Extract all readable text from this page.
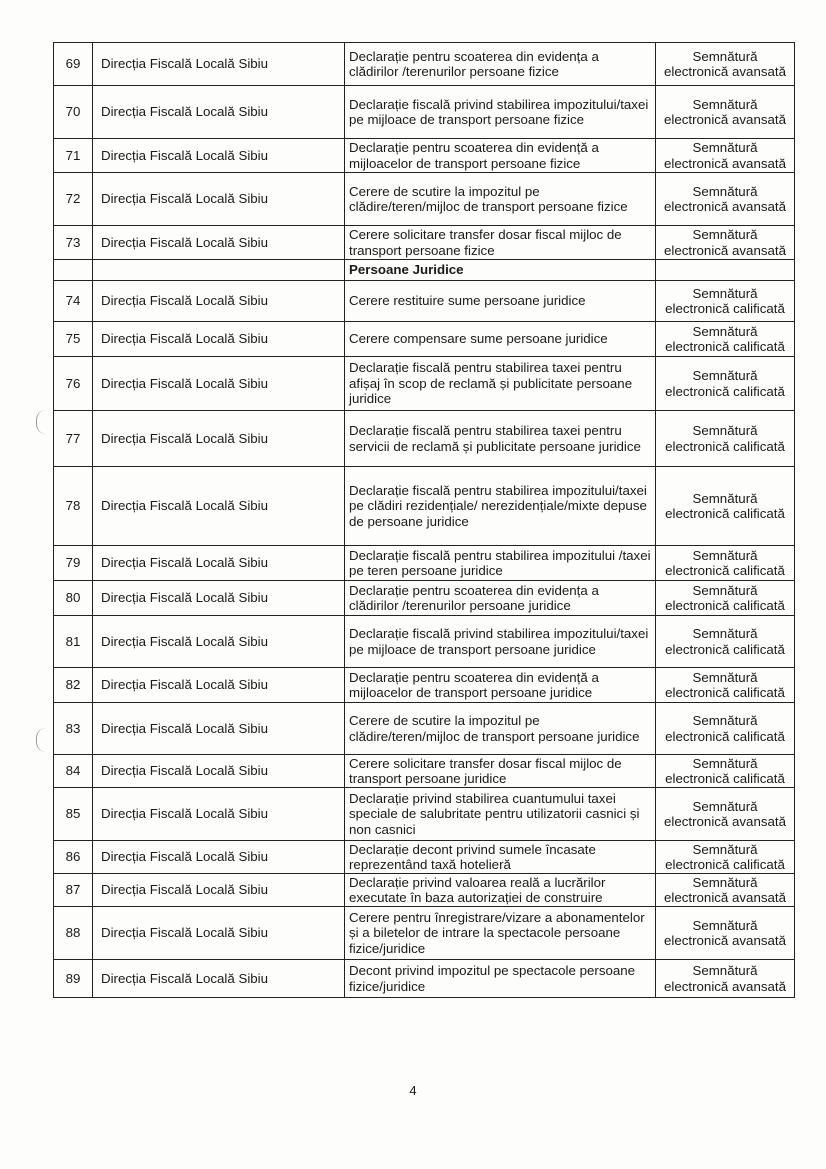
69	Direcția Fiscală Locală Sibiu	Declarație pentru scoaterea din evidența a clădirilor /terenurilor persoane fizice	Semnătură electronică avansată
70	Direcția Fiscală Locală Sibiu	Declarație fiscală privind stabilirea impozitului/taxei pe mijloace de transport persoane fizice	Semnătură electronică avansată
71	Direcția Fiscală Locală Sibiu	Declarație pentru scoaterea din evidență a mijloacelor de transport persoane fizice	Semnătură electronică avansată
72	Direcția Fiscală Locală Sibiu	Cerere de scutire la impozitul pe clădire/teren/mijloc de transport persoane fizice	Semnătură electronică avansată
73	Direcția Fiscală Locală Sibiu	Cerere solicitare transfer dosar fiscal mijloc de transport persoane fizice	Semnătură electronică avansată
		Persoane Juridice	
74	Direcția Fiscală Locală Sibiu	Cerere restituire sume persoane juridice	Semnătură electronică calificată
75	Direcția Fiscală Locală Sibiu	Cerere compensare sume persoane juridice	Semnătură electronică calificată
76	Direcția Fiscală Locală Sibiu	Declarație fiscală pentru stabilirea taxei pentru afișaj în scop de reclamă și publicitate persoane juridice	Semnătură electronică calificată
77	Direcția Fiscală Locală Sibiu	Declarație fiscală pentru stabilirea taxei pentru servicii de reclamă și publicitate persoane juridice	Semnătură electronică calificată
78	Direcția Fiscală Locală Sibiu	Declarație fiscală pentru stabilirea impozitului/taxei pe clădiri rezidențiale/ nerezidențiale/mixte depuse de persoane juridice	Semnătură electronică calificată
79	Direcția Fiscală Locală Sibiu	Declarație fiscală pentru stabilirea impozitului /taxei pe teren persoane juridice	Semnătură electronică calificată
80	Direcția Fiscală Locală Sibiu	Declarație pentru scoaterea din evidența a clădirilor /terenurilor persoane juridice	Semnătură electronică calificată
81	Direcția Fiscală Locală Sibiu	Declarație fiscală privind stabilirea impozitului/taxei pe mijloace de transport persoane juridice	Semnătură electronică calificată
82	Direcția Fiscală Locală Sibiu	Declarație pentru scoaterea din evidență a mijloacelor de transport persoane juridice	Semnătură electronică calificată
83	Direcția Fiscală Locală Sibiu	Cerere de scutire la impozitul pe clădire/teren/mijloc de transport persoane juridice	Semnătură electronică calificată
84	Direcția Fiscală Locală Sibiu	Cerere solicitare transfer dosar fiscal mijloc de transport persoane juridice	Semnătură electronică calificată
85	Direcția Fiscală Locală Sibiu	Declarație privind stabilirea cuantumului taxei speciale de salubritate pentru utilizatorii casnici și non casnici	Semnătură electronică avansată
86	Direcția Fiscală Locală Sibiu	Declarație decont privind sumele încasate reprezentând taxă hotelieră	Semnătură electronică calificată
87	Direcția Fiscală Locală Sibiu	Declarație privind valoarea reală a lucrărilor executate în baza autorizației de construire	Semnătură electronică avansată
88	Direcția Fiscală Locală Sibiu	Cerere pentru înregistrare/vizare a abonamentelor și a biletelor de intrare la spectacole persoane fizice/juridice	Semnătură electronică avansată
89	Direcția Fiscală Locală Sibiu	Decont privind impozitul pe spectacole persoane fizice/juridice	Semnătură electronică avansată
4
